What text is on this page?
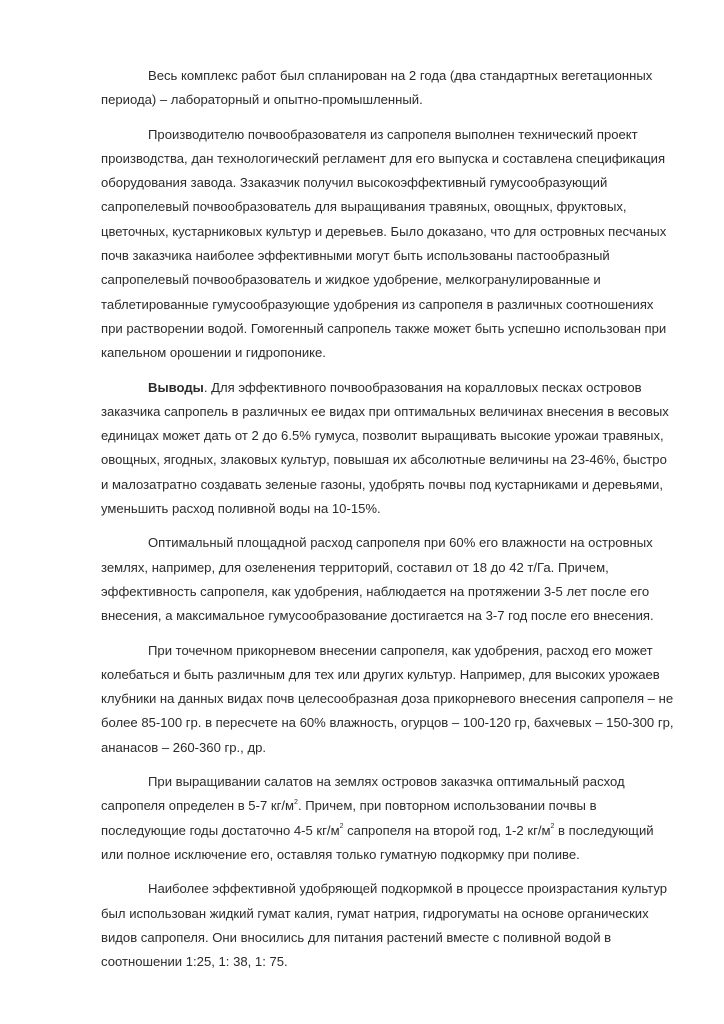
Весь комплекс работ был спланирован на 2 года (два стандартных вегетационных периода) – лабораторный и опытно-промышленный.

Производителю почвообразователя из сапропеля выполнен технический проект производства, дан технологический регламент для его выпуска и составлена спецификация оборудования завода. Ззаказчик получил высокоэффективный гумусообразующий сапропелевый почвообразователь для выращивания травяных, овощных, фруктовых, цветочных, кустарниковых культур и деревьев. Было доказано, что для островных песчаных почв заказчика наиболее эффективными могут быть использованы пастообразный сапропелевый почвообразователь и жидкое удобрение, мелкогранулированные и таблетированные гумусообразующие удобрения из сапропеля в различных соотношениях при растворении водой. Гомогенный сапропель также может быть успешно использован при капельном орошении и гидропонике.

Выводы. Для эффективного почвообразования на коралловых песках островов заказчика сапропель в различных ее видах при оптимальных величинах внесения в весовых единицах может дать от 2 до 6.5% гумуса, позволит выращивать высокие урожаи травяных, овощных, ягодных, злаковых культур, повышая их абсолютные величины на 23-46%, быстро и малозатратно создавать зеленые газоны, удобрять почвы под кустарниками и деревьями, уменьшить расход поливной воды на 10-15%.

Оптимальный площадной расход сапропеля при 60% его влажности на островных землях, например, для озеленения территорий, составил от 18 до 42 т/Га. Причем, эффективность сапропеля, как удобрения, наблюдается на протяжении 3-5 лет после его внесения, а максимальное гумусообразование достигается на 3-7 год после его внесения.

При точечном прикорневом внесении сапропеля, как удобрения, расход его может колебаться и быть различным для тех или других культур. Например, для высоких урожаев клубники на данных видах почв целесообразная доза прикорневого внесения сапропеля – не более 85-100 гр. в пересчете на 60% влажность, огурцов – 100-120 гр, бахчевых – 150-300 гр, ананасов – 260-360 гр., др.

При выращивании салатов на землях островов заказчка оптимальный расход сапропеля определен в 5-7 $кг/м^2$. Причем, при повторном использовании почвы в последующие годы достаточно 4-5 $кг/м^2$ сапропеля на второй год, 1-2 $кг/м^2$ в последующий или полное исключение его, оставляя только гуматную подкормку при поливе.

Наиболее эффективной удобряющей подкормкой в процессе произрастания культур был использован жидкий гумат калия, гумат натрия, гидрогуматы на основе органических видов сапропеля. Они вносились для питания растений вместе с поливной водой в соотношении 1:25, 1: 38, 1: 75.
